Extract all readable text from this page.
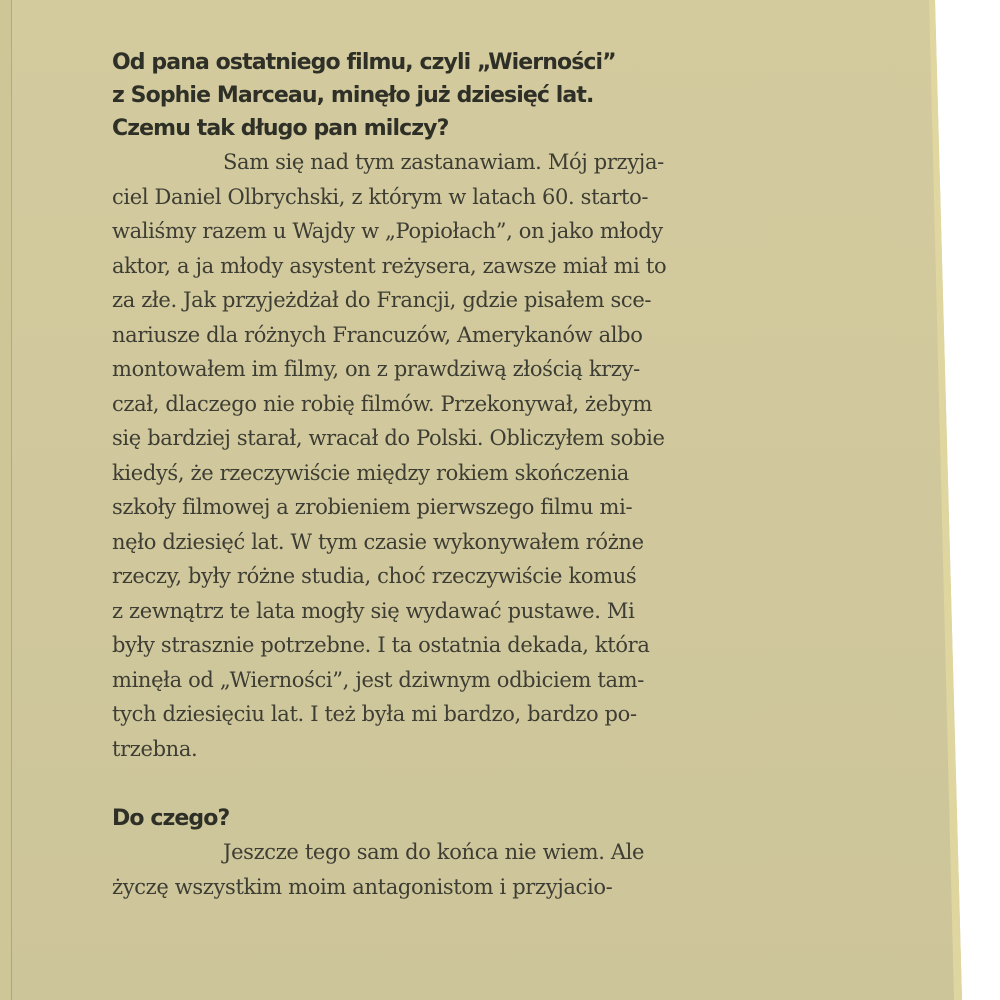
Od pana ostatniego filmu, czyli „Wierności”

z Sophie Marceau, minęło już dziesięć lat.

Czemu tak długo pan milczy?

Sam się nad tym zastanawiam. Mój przyja-

ciel Daniel Olbrychski, z którym w latach 60. starto-

waliśmy razem u Wajdy w „Popiołach”, on jako młody

aktor, a ja młody asystent reżysera, zawsze miał mi to

za złe. Jak przyjeżdżał do Francji, gdzie pisałem sce-

nariusze dla różnych Francuzów, Amerykanów albo

montowałem im filmy, on z prawdziwą złością krzy-

czał, dlaczego nie robię filmów. Przekonywał, żebym

się bardziej starał, wracał do Polski. Obliczyłem sobie

kiedyś, że rzeczywiście między rokiem skończenia

szkoły filmowej a zrobieniem pierwszego filmu mi-

nęło dziesięć lat. W tym czasie wykonywałem różne

rzeczy, były różne studia, choć rzeczywiście komuś

z zewnątrz te lata mogły się wydawać pustawe. Mi

były strasznie potrzebne. I ta ostatnia dekada, która

minęła od „Wierności”, jest dziwnym odbiciem tam-

tych dziesięciu lat. I też była mi bardzo, bardzo po-

trzebna.

Do czego?

Jeszcze tego sam do końca nie wiem. Ale

życzę wszystkim moim antagonistom i przyjacio-
